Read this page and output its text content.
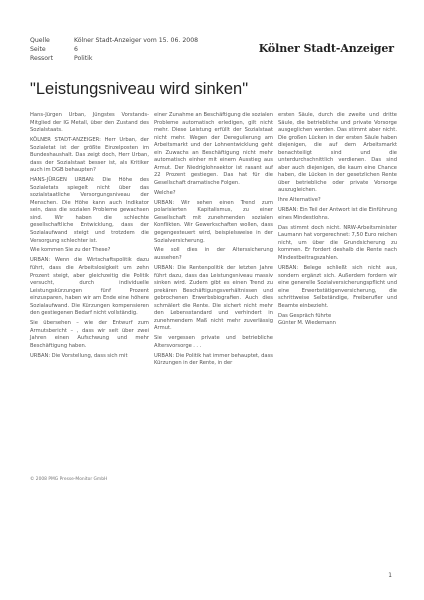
Quelle	Kölner Stadt-Anzeiger vom 15. 06. 2008
Seite	6
Ressort	Politik
Kölner Stadt-Anzeiger
"Leistungsniveau wird sinken"

Hans-Jürgen Urban, Jüngstes Vorstands-Mitglied der IG Metall, über den Zustand des Sozialstaats.

KÖLNER STADT-ANZEIGER: Herr Urban, der Sozialetat ist der größte Einzelposten im Bundeshaushalt. Das zeigt doch, Herr Urban, dass der Sozialstaat besser ist, als Kritiker auch im DGB behaupten?

HANS-JÜRGEN URBAN: Die Höhe des Sozialetats spiegelt nicht über das sozialstaatliche Versorgungsniveau der Menschen. Die Höhe kann auch Indikator sein, dass die sozialen Probleme gewachsen sind. Wir haben die schlechte gesellschaftliche Entwicklung, dass der Sozialaufwand steigt und trotzdem die Versorgung schlechter ist.

Wie kommen Sie zu der These?

URBAN: Wenn die Wirtschaftspolitik dazu führt, dass die Arbeitslosigkeit um zehn Prozent steigt, aber gleichzeitig die Politik versucht, durch individuelle Leistungskürzungen fünf Prozent einzusparen, haben wir am Ende eine höhere Sozialaufwand. Die Kürzungen kompensieren den gestiegenen Bedarf nicht vollständig.

Sie übersehen – wie der Entwurf zum Armutsbericht – , dass wir seit über zwei Jahren einen Aufschwung und mehr Beschäftigung haben.

URBAN: Die Vorstellung, dass sich mit

einer Zunahme an Beschäftigung die sozialen Probleme automatisch erledigen, gilt nicht mehr. Diese Leistung erfüllt der Sozialstaat nicht mehr. Wegen der Deregulierung am Arbeitsmarkt und der Lohnentwicklung geht ein Zuwachs an Beschäftigung nicht mehr automatisch einher mit einem Ausstieg aus Armut. Der Niedriglohnsektor ist rasant auf 22 Prozent gestiegen. Das hat für die Gesellschaft dramatische Folgen.

Welche?

URBAN: Wir sehen einen Trend zum polarisierten Kapitalismus, zu einer Gesellschaft mit zunehmenden sozialen Konflikten. Wir Gewerkschaften wollen, dass gegengesteuert wird, beispielsweise in der Sozialversicherung.

Wie soll dies in der Alterssicherung aussehen?

URBAN: Die Rentenpolitik der letzten Jahre führt dazu, dass das Leistungsniveau massiv sinken wird. Zudem gibt es einen Trend zu prekären Beschäftigungsverhältnissen und gebrochenen Erwerbsbiografien. Auch dies schmälert die Rente. Die sichert nicht mehr den Lebensstandard und verhindert in zunehmendem Maß nicht mehr zuverlässig Armut.

Sie vergessen private und betriebliche Altersvorsorge . . .

URBAN: Die Politik hat immer behauptet, dass Kürzungen in der Rente, in der

ersten Säule, durch die zweite und dritte Säule, die betriebliche und private Vorsorge ausgeglichen werden. Das stimmt aber nicht. Die großen Lücken in der ersten Säule haben diejenigen, die auf dem Arbeitsmarkt benachteiligt sind und die unterdurchschnittlich verdienen. Das sind aber auch diejenigen, die kaum eine Chance haben, die Lücken in der gesetzlichen Rente über betriebliche oder private Vorsorge auszugleichen.

Ihre Alternative?

URBAN: Ein Teil der Antwort ist die Einführung eines Mindestlohns.

Das stimmt doch nicht. NRW-Arbeitsminister Laumann hat vorgerechnet: 7,50 Euro reichen nicht, um über die Grundsicherung zu kommen. Er fordert deshalb die Rente nach Mindestbeitragszahlen.

URBAN: Belege schließt sich nicht aus, sondern ergänzt sich. Außerdem fordern wir eine generelle Sozialversicherungspflicht und eine Erwerbstätigenversicherung, die schrittweise Selbständige, Freiberufler und Beamte einbezieht.

Das Gespräch führte

Günter M. Wiedemann

© 2008 PMG Presse-Monitor GmbH
1
